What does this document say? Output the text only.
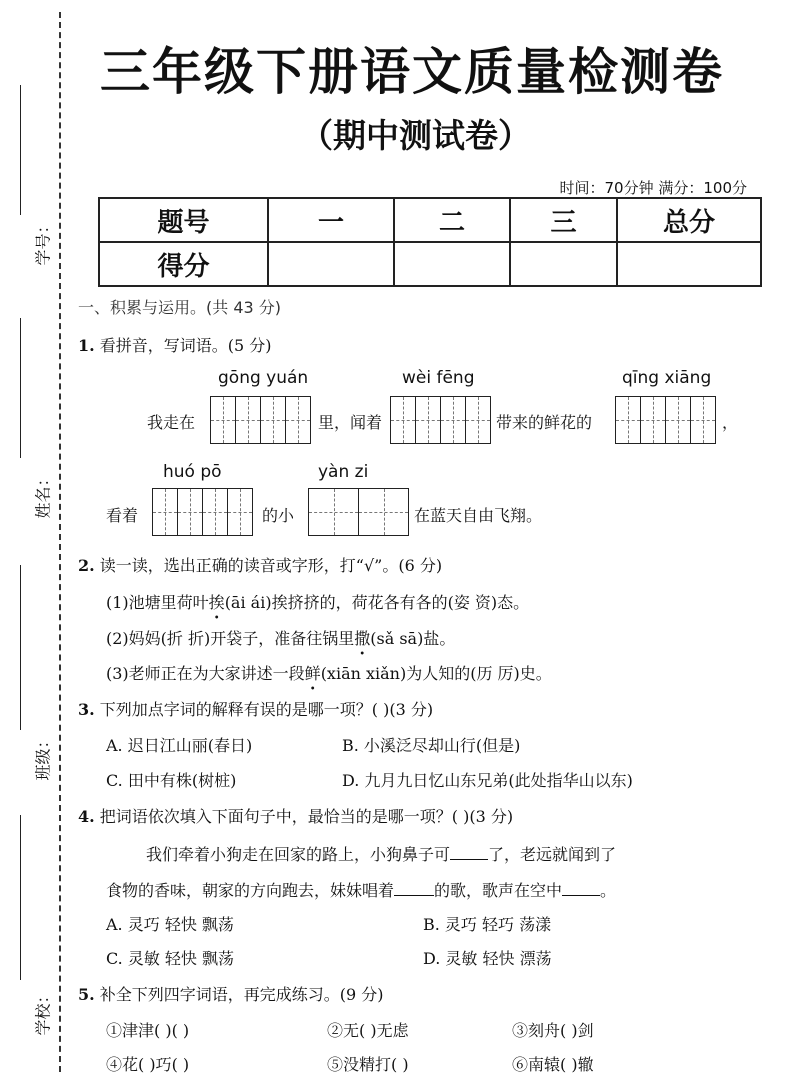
学号：
姓名：
班级：
学校：
三年级下册语文质量检测卷
（期中测试卷）
时间：70分钟 满分：100分
题号	一	二	三	总分
得分				
一、积累与运用。(共 43 分)
1. 看拼音，写词语。(5 分)
gōng yuán	wèi fēng	qīng xiāng
我走在	里，闻着	带来的鲜花的	，
huó pō	yàn zi
看着	的小	在蓝天自由飞翔。
2. 读一读，选出正确的读音或字形，打“√”。(6 分)
(1)池塘里荷叶挨(āi ái)挨挤挤的，荷花各有各的(姿 资)态。
(2)妈妈(折 折)开袋子，准备往锅里撒(sǎ sā)盐。
(3)老师正在为大家讲述一段鲜(xiān xiǎn)为人知的(历 厉)史。
3. 下列加点字词的解释有误的是哪一项？( )(3 分)
A. 迟日江山丽(春日)	B. 小溪泛尽却山行(但是)
C. 田中有株(树桩)	D. 九月九日忆山东兄弟(此处指华山以东)
4. 把词语依次填入下面句子中，最恰当的是哪一项？( )(3 分)
我们牵着小狗走在回家的路上，小狗鼻子可 了，老远就闻到了
食物的香味，朝家的方向跑去，妹妹唱着	的歌，歌声在空中 。
A. 灵巧 轻快 飘荡	B. 灵巧 轻巧 荡漾
C. 灵敏 轻快 飘荡	D. 灵敏 轻快 漂荡
5. 补全下列四字词语，再完成练习。(9 分)
①津津( )( )	②无( )无虑	③刻舟( )剑
④花( )巧( )	⑤没精打( )	⑥南辕( )辙
